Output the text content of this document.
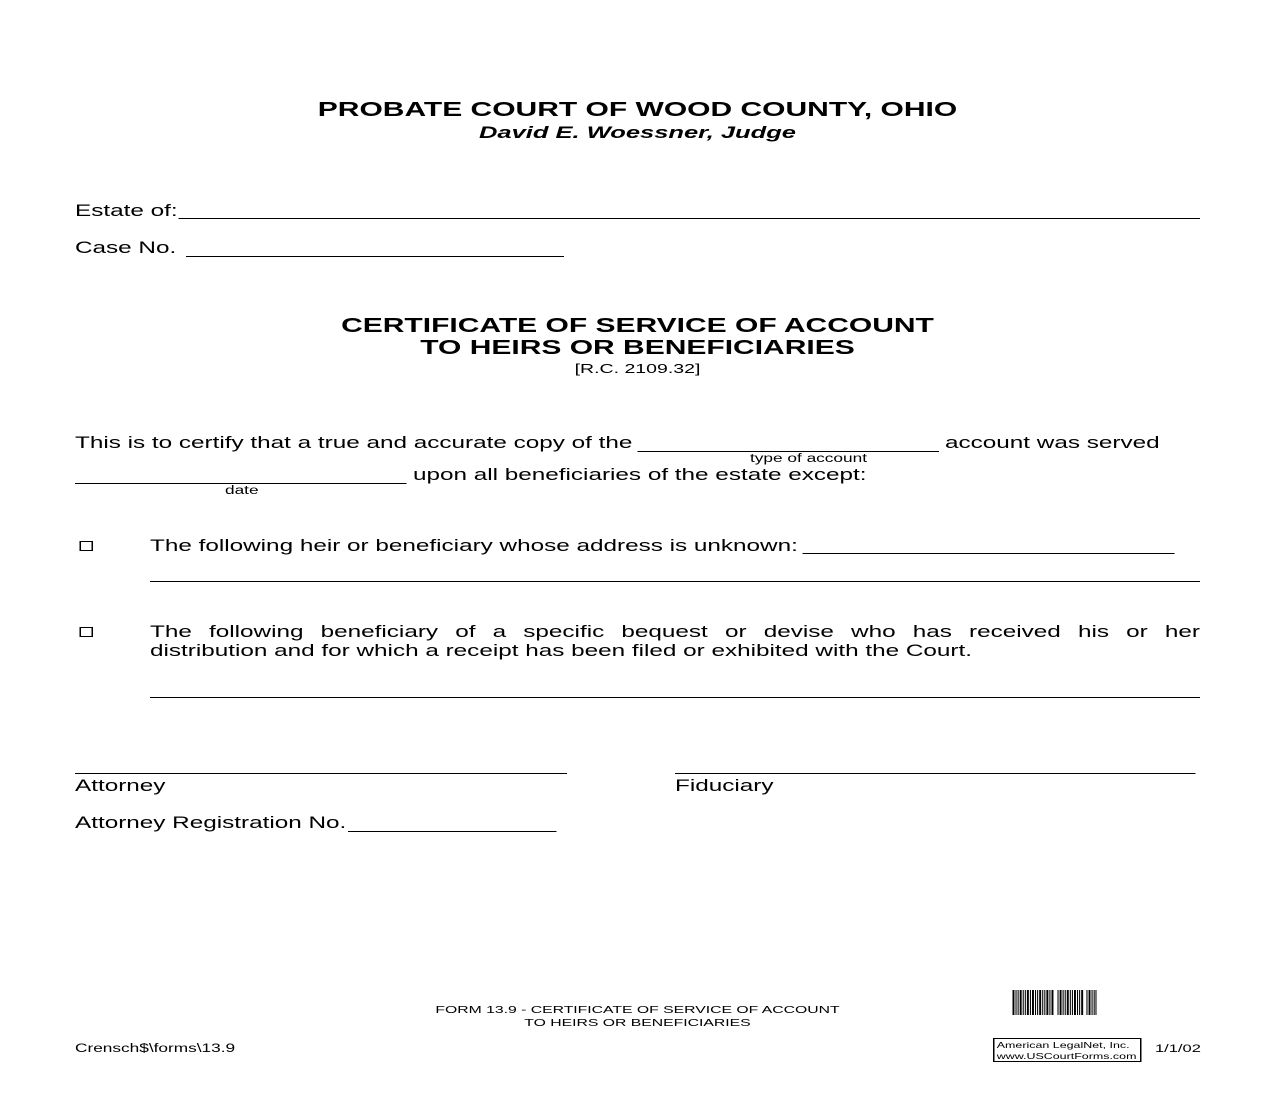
PROBATE COURT OF WOOD COUNTY, OHIO
David E. Woessner, Judge
Estate of:
Case No.
CERTIFICATE OF SERVICE OF ACCOUNT
TO HEIRS OR BENEFICIARIES
[R.C. 2109.32]
This is to certify that a true and accurate copy of the
type of account
account was served
date
upon all beneficiaries of the estate except:
The following heir or beneficiary whose address is unknown:
The following beneficiary of a specific bequest or devise who has received his or her
distribution and for which a receipt has been filed or exhibited with the Court.
Attorney	Fiduciary
Attorney Registration No.
FORM 13.9 - CERTIFICATE OF SERVICE OF ACCOUNT
TO HEIRS OR BENEFICIARIES
Crensch$\forms\13.9	American LegalNet, Inc.
www.USCourtForms.com
1/1/02
